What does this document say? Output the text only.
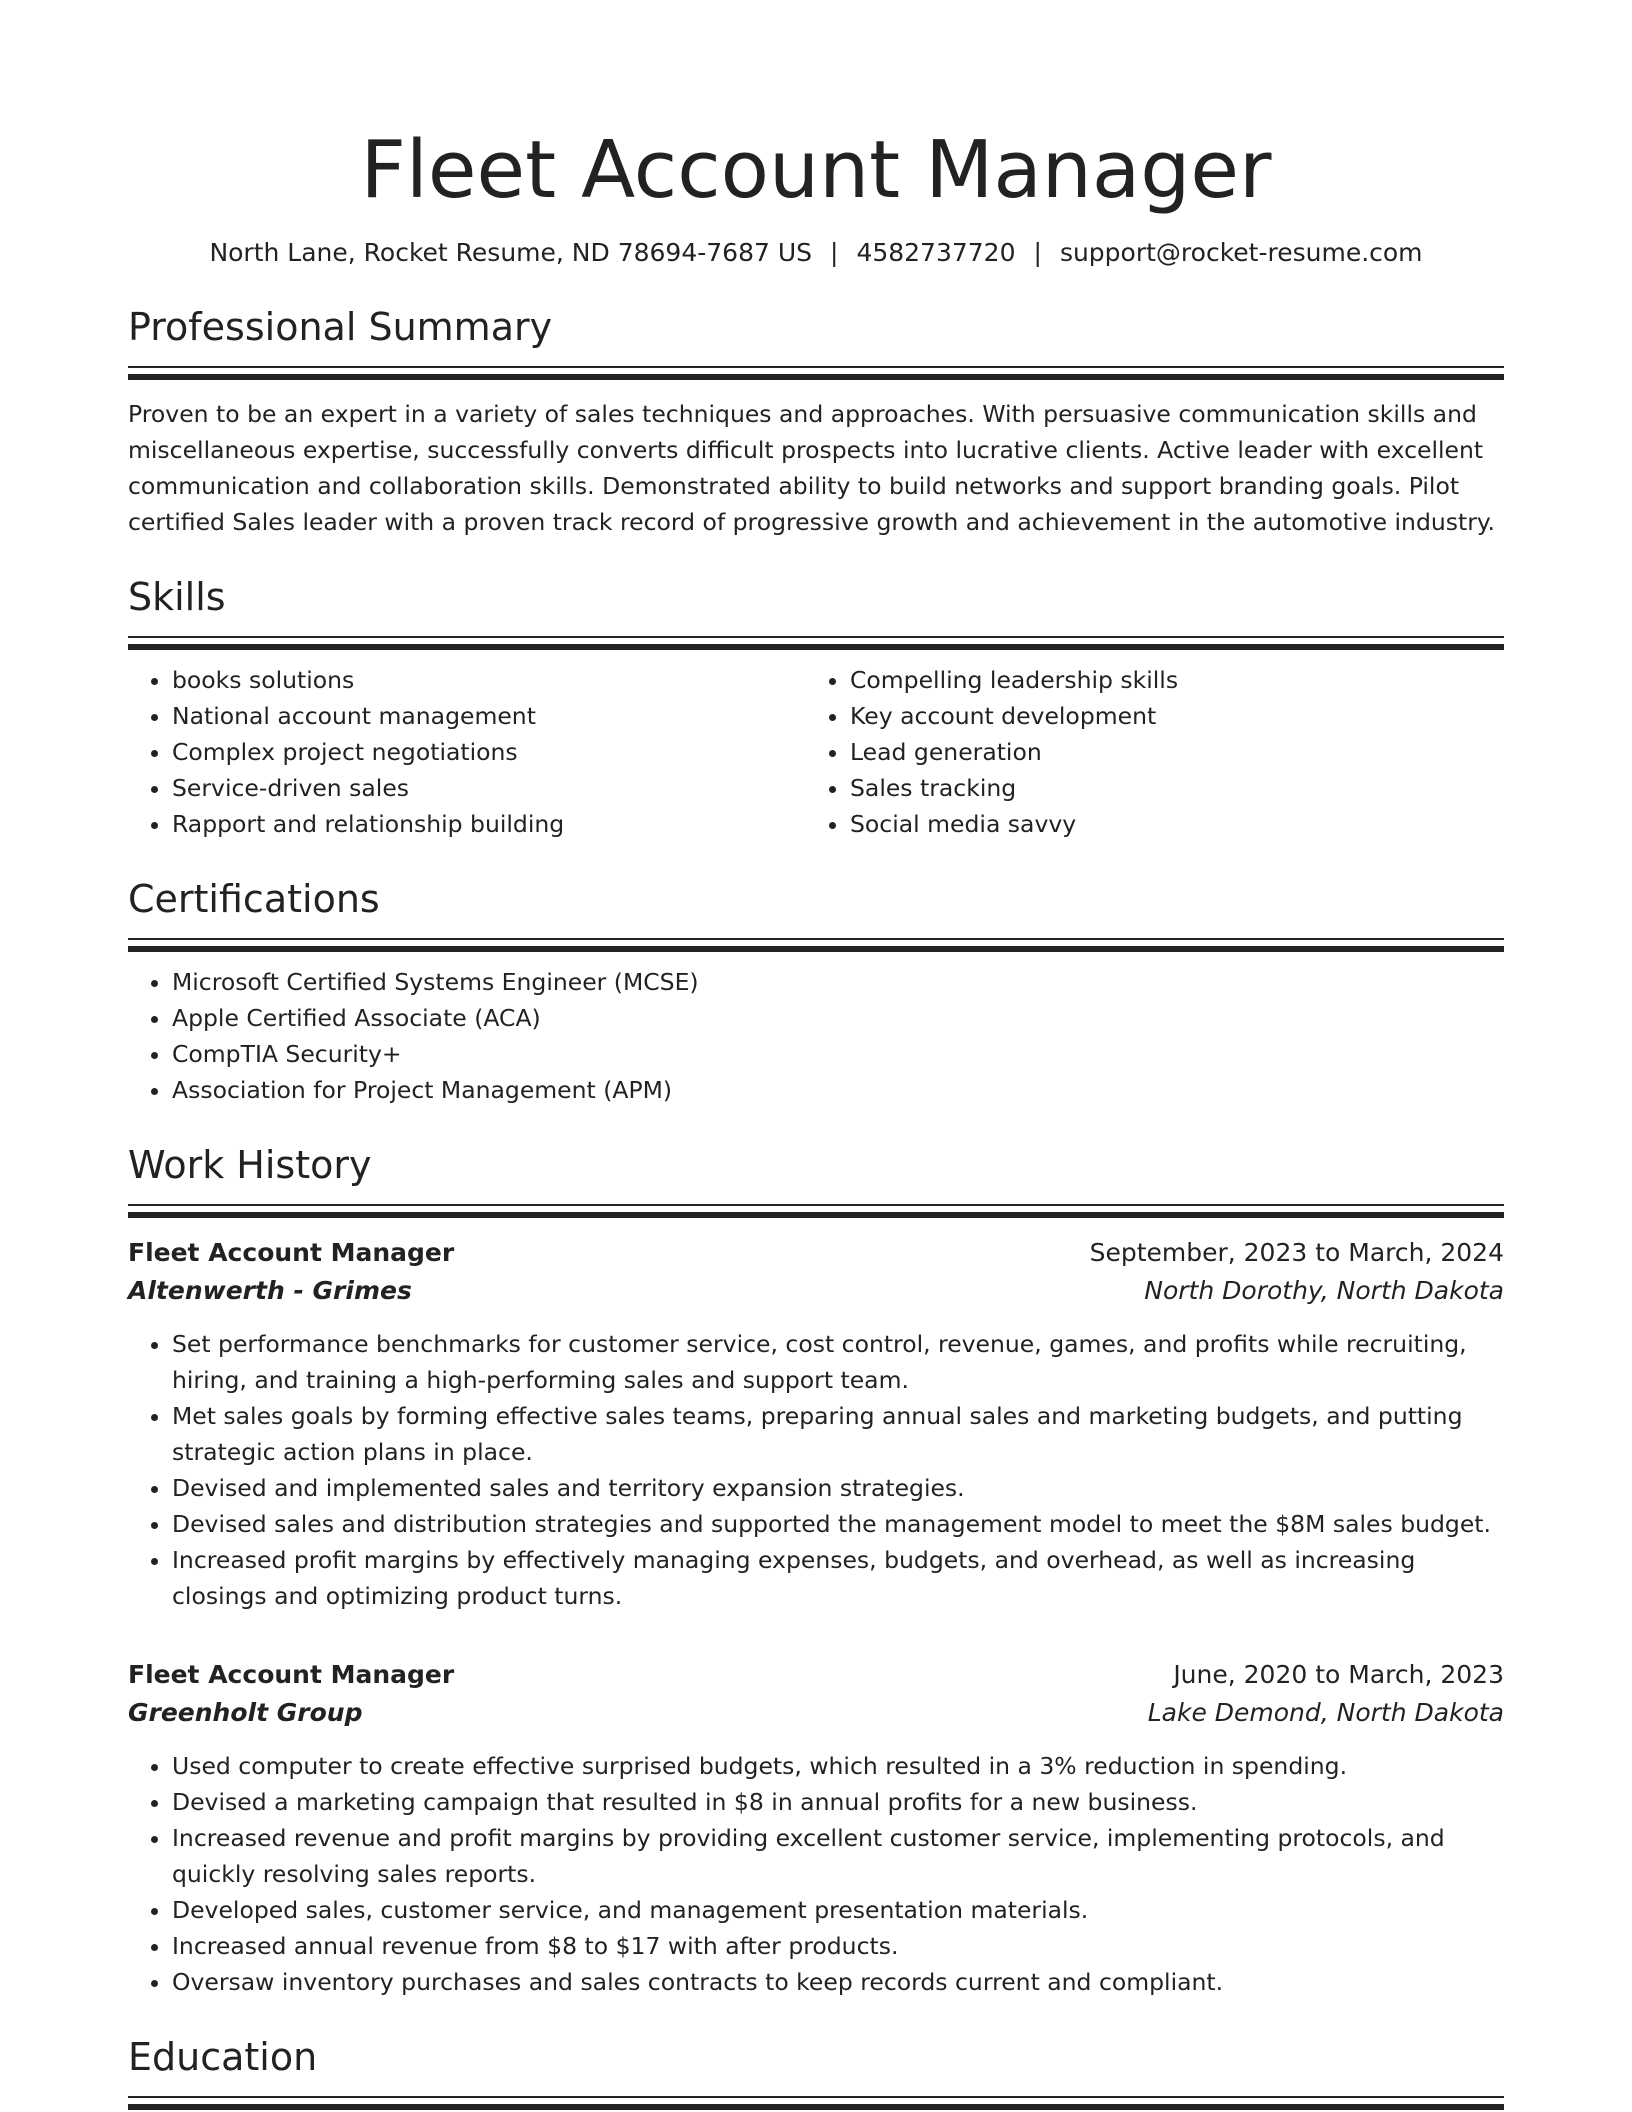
Fleet Account Manager
North Lane, Rocket Resume, ND 78694-7687 US | 4582737720 | support@rocket-resume.com
Professional Summary

Proven to be an expert in a variety of sales techniques and approaches. With persuasive communication skills and miscellaneous expertise, successfully converts difficult prospects into lucrative clients. Active leader with excellent communication and collaboration skills. Demonstrated ability to build networks and support branding goals. Pilot certified Sales leader with a proven track record of progressive growth and achievement in the automotive industry.

Skills
• books solutions
• National account management
• Complex project negotiations
• Service-driven sales
• Rapport and relationship building
• Compelling leadership skills
• Key account development
• Lead generation
• Sales tracking
• Social media savvy
Certifications
• Microsoft Certified Systems Engineer (MCSE)
• Apple Certified Associate (ACA)
• CompTIA Security+
• Association for Project Management (APM)
Work History
Fleet Account Manager	September, 2023 to March, 2024
Altenwerth - Grimes	North Dorothy, North Dakota
• Set performance benchmarks for customer service, cost control, revenue, games, and profits while recruiting, hiring, and training a high-performing sales and support team.
• Met sales goals by forming effective sales teams, preparing annual sales and marketing budgets, and putting strategic action plans in place.
• Devised and implemented sales and territory expansion strategies.
• Devised sales and distribution strategies and supported the management model to meet the $8M sales budget.
• Increased profit margins by effectively managing expenses, budgets, and overhead, as well as increasing closings and optimizing product turns.
Fleet Account Manager	June, 2020 to March, 2023
Greenholt Group	Lake Demond, North Dakota
• Used computer to create effective surprised budgets, which resulted in a 3% reduction in spending.
• Devised a marketing campaign that resulted in $8 in annual profits for a new business.
• Increased revenue and profit margins by providing excellent customer service, implementing protocols, and quickly resolving sales reports.
• Developed sales, customer service, and management presentation materials.
• Increased annual revenue from $8 to $17 with after products.
• Oversaw inventory purchases and sales contracts to keep records current and compliant.
Education
